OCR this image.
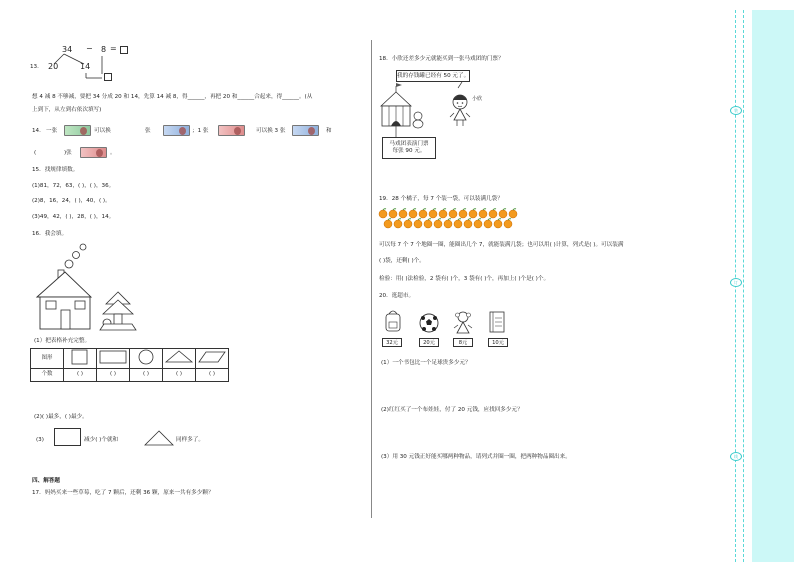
13.
34 − 8 =
20	14
想 4 减 8 不够减，要把 34 分成 20 和 14，先算 14 减 8，得______，再把 20 和______合起来，得______。(从
上到下，从左到右依次填写)
14. 一张	可以换	张	；1 张	可以换 3 张	和
(	)张	。
15．找规律填数。
(1)81，72，63，( )，( )，36。
(2)8，16，24，( )，40，( )。
(3)49，42，( )，28，( )，14。
16．我会填。
(1）把表格补充完整。
图形					
个数	( )	( )	( )	( )	( )
(2)( )最多，( )最少。
(3)	减少( )个就和	同样多了。
四、解答题
17．妈妈买来一些草莓，吃了 7 颗后，还剩 36 颗，原来一共有多少颗？
18．小欣还差多少元就能买到一张马戏团的门票？
我的存钱罐已经有 50 元了。
小欣
马戏团表演门票
每张 90 元。
19．28 个橘子，每 7 个装一袋，可以装满几袋？
可以每 7 个 7 个地圈一圈，能圈出几个 7，就能装满几袋；也可以用( )计算，列式是( )。可以装满
( )袋，还剩( )个。
检验：用( )法检验，2 袋有( )个，3 袋有( )个，再加上( )个是( )个。
20．逛超市。
32元	20元	8元	10元
(1）一个书包比一个足球贵多少元？
(2)红红买了一个布娃娃，付了 20 元钱，应找回多少元？
(3）用 30 元钱正好能买哪两种物品，请列式并圈一圈，把两种物品圈出来。
装
订
线
